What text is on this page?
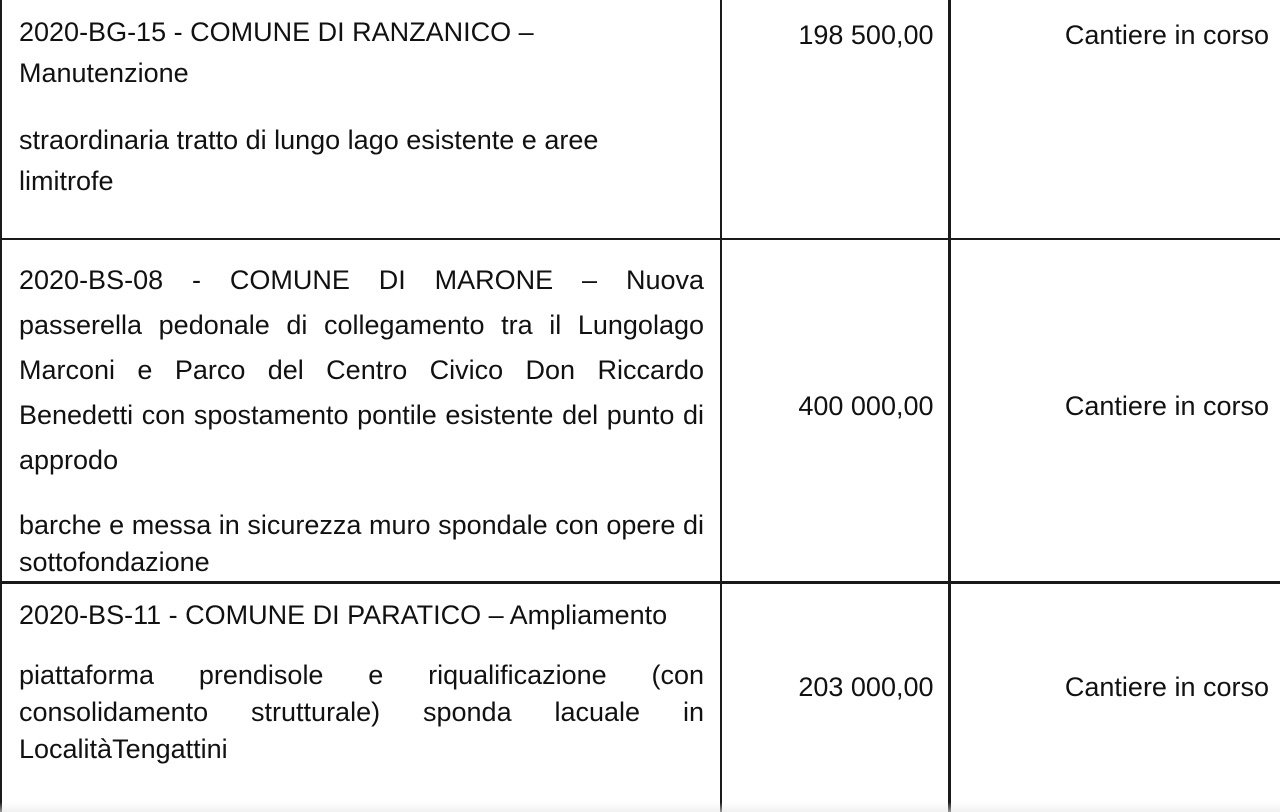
2020-BG-15 - COMUNE DI RANZANICO – Manutenzione

straordinaria tratto di lungo lago esistente e aree limitrofe	198 500,00	Cantiere in corso

2020-BS-08 - COMUNE DI MARONE – Nuova passerella pedonale di collegamento tra il Lungolago Marconi e Parco del Centro Civico Don Riccardo Benedetti con spostamento pontile esistente del punto di approdo

barche e messa in sicurezza muro spondale con opere di sottofondazione	400 000,00	Cantiere in corso

2020-BS-11 - COMUNE DI PARATICO – Ampliamento

piattaforma prendisole e riqualificazione (con consolidamento strutturale) sponda lacuale in LocalitàTengattini	203 000,00	Cantiere in corso
